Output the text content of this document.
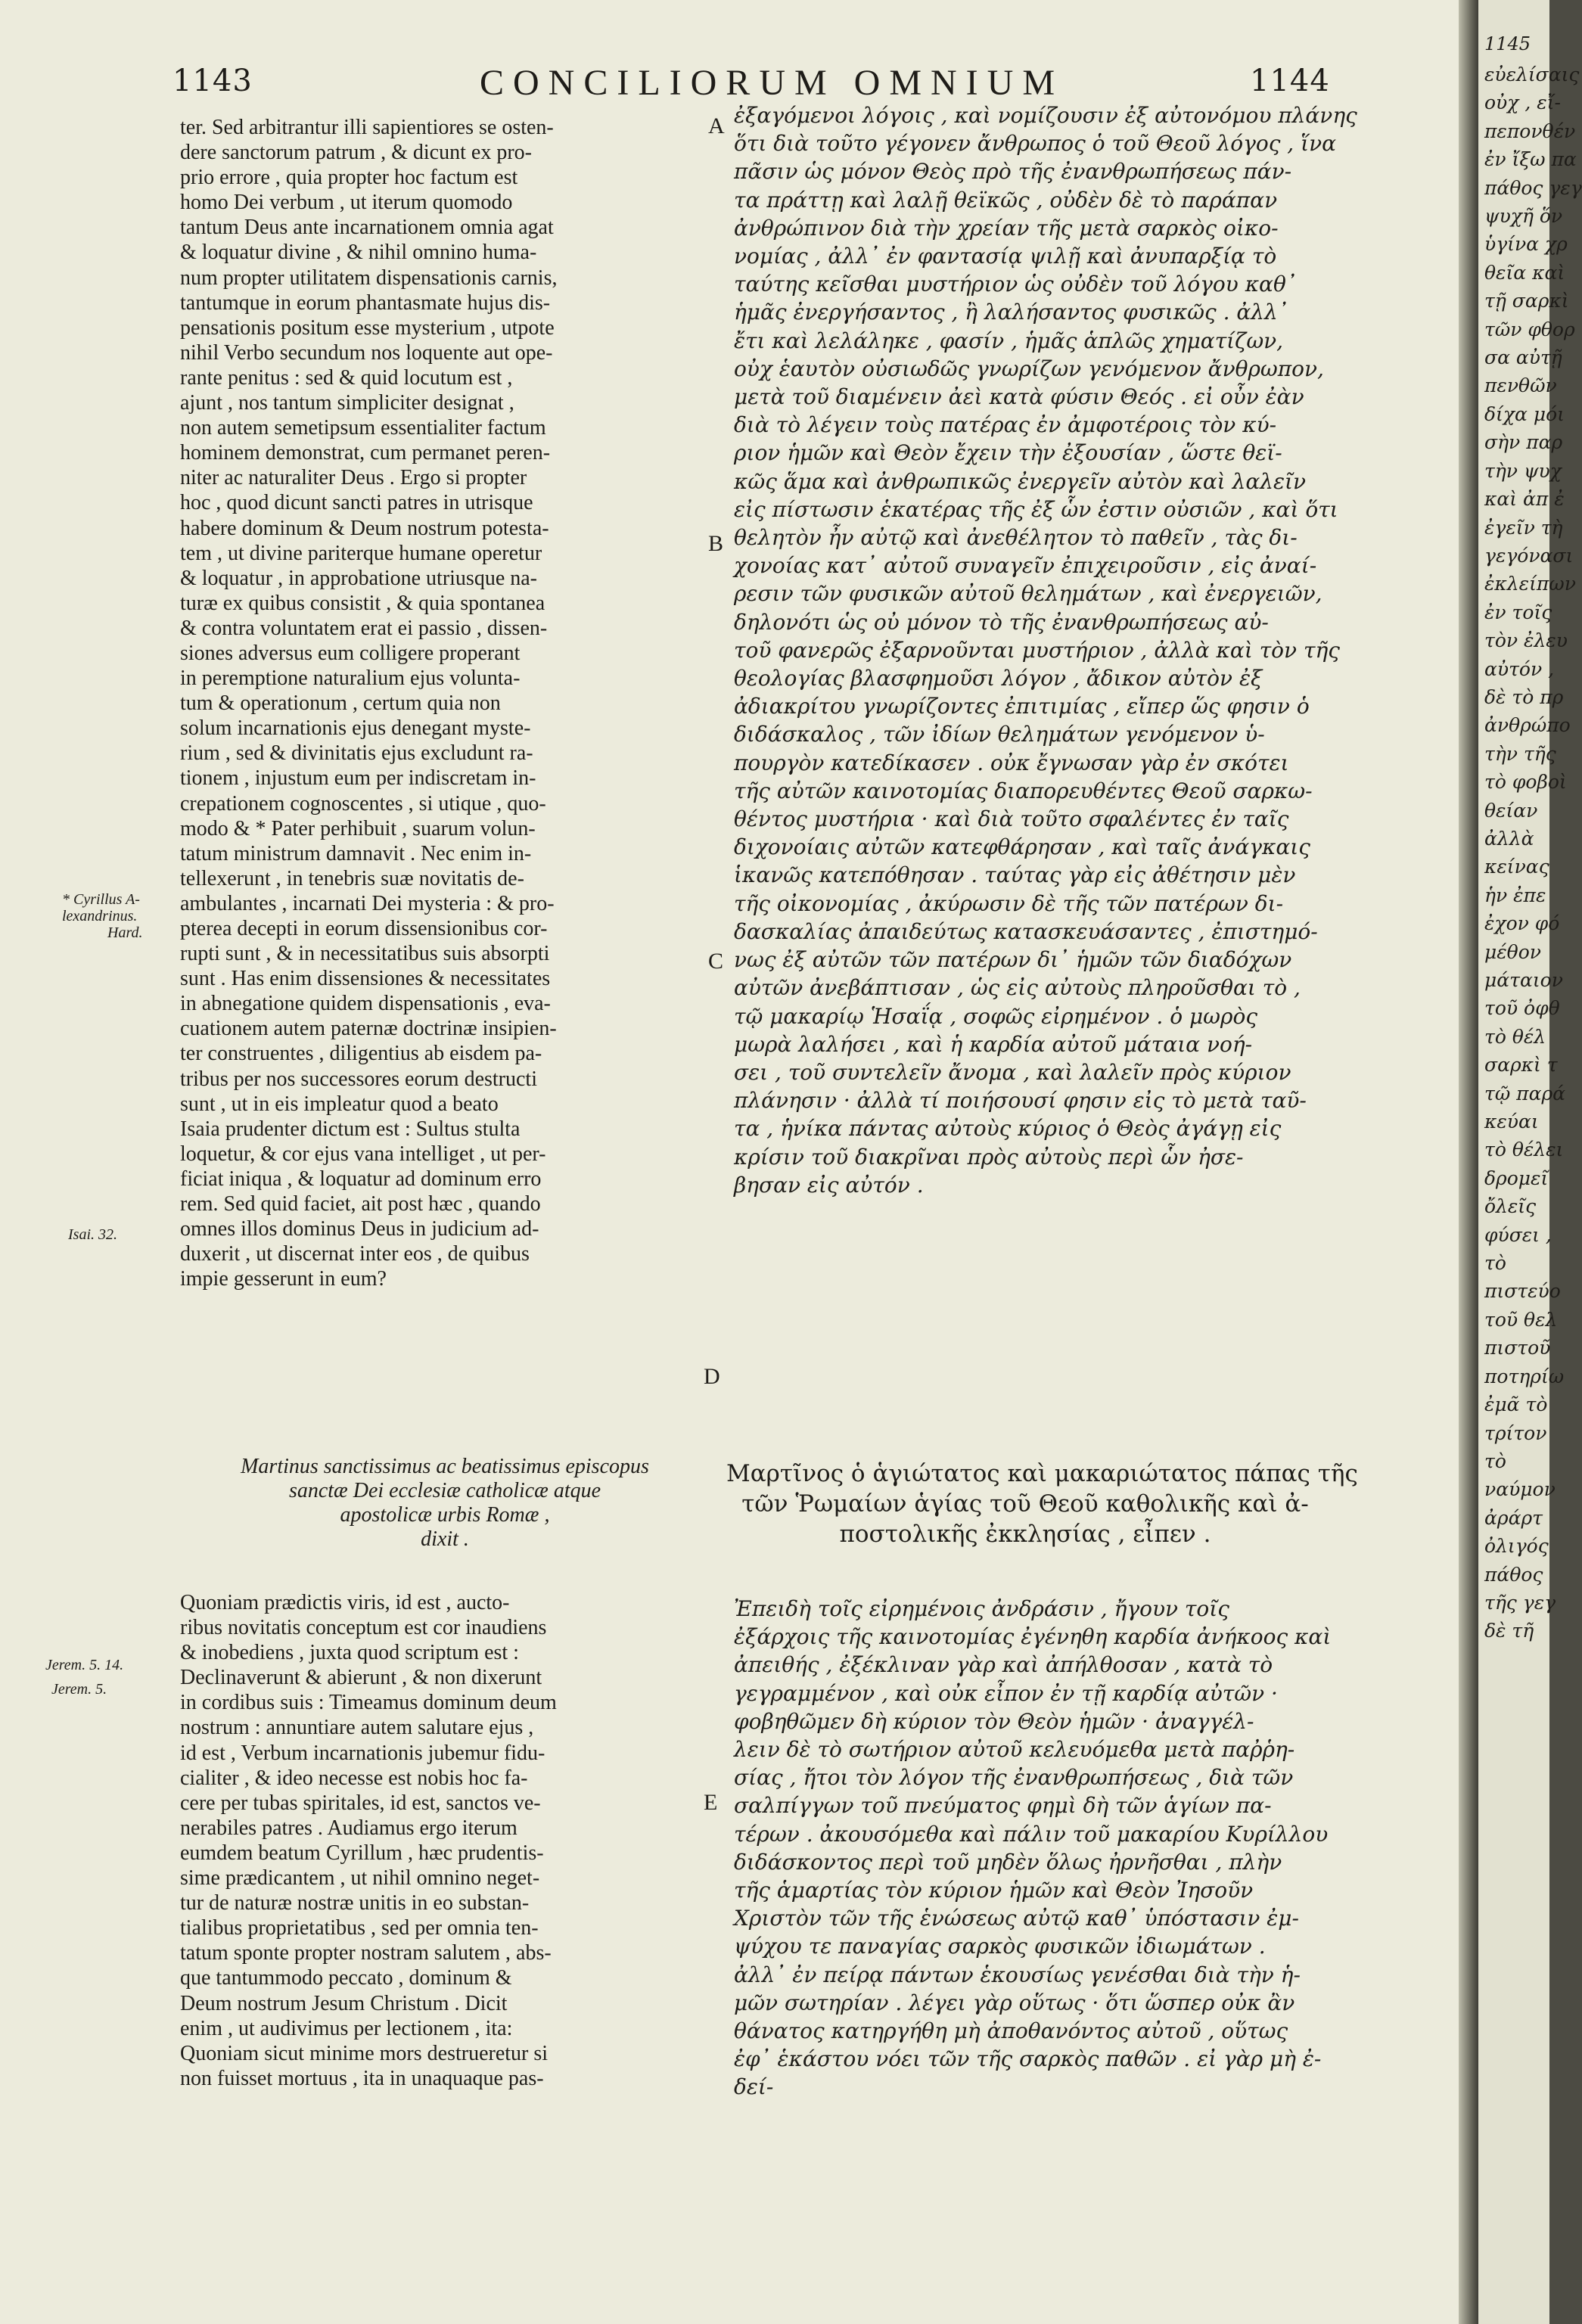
1143	CONCILIORUM OMNIUM	1144
ter. Sed arbitrantur illi sapientiores se osten-
dere sanctorum patrum , & dicunt ex pro-
prio errore , quia propter hoc factum est
homo Dei verbum , ut iterum quomodo
tantum Deus ante incarnationem omnia agat
& loquatur divine , & nihil omnino huma-
num propter utilitatem dispensationis carnis,
tantumque in eorum phantasmate hujus dis-
pensationis positum esse mysterium , utpote
nihil Verbo secundum nos loquente aut ope-
rante penitus : sed & quid locutum est ,
ajunt , nos tantum simpliciter designat ,
non autem semetipsum essentialiter factum
hominem demonstrat, cum permanet peren-
niter ac naturaliter Deus . Ergo si propter
hoc , quod dicunt sancti patres in utrisque
habere dominum & Deum nostrum potesta-
tem , ut divine pariterque humane operetur
& loquatur , in approbatione utriusque na-
turæ ex quibus consistit , & quia spontanea
& contra voluntatem erat ei passio , dissen-
siones adversus eum colligere properant
in peremptione naturalium ejus volunta-
tum & operationum , certum quia non
solum incarnationis ejus denegant myste-
rium , sed & divinitatis ejus excludunt ra-
tionem , injustum eum per indiscretam in-
crepationem cognoscentes , si utique , quo-
modo & * Pater perhibuit , suarum volun-
tatum ministrum damnavit . Nec enim in-
tellexerunt , in tenebris suæ novitatis de-
ambulantes , incarnati Dei mysteria : & pro-
pterea decepti in eorum dissensionibus cor-
rupti sunt , & in necessitatibus suis absorpti
sunt . Has enim dissensiones & necessitates
in abnegatione quidem dispensationis , eva-
cuationem autem paternæ doctrinæ insipien-
ter construentes , diligentius ab eisdem pa-
tribus per nos successores eorum destructi
sunt , ut in eis impleatur quod a beato
Isaia prudenter dictum est : Sultus stulta
loquetur, & cor ejus vana intelliget , ut per-
ficiat iniqua , & loquatur ad dominum erro
rem. Sed quid faciet, ait post hæc , quando
omnes illos dominus Deus in judicium ad-
duxerit , ut discernat inter eos , de quibus
impie gesserunt in eum?
ἐξαγόμενοι λόγοις , καὶ νομίζουσιν ἐξ αὐτονόμου πλάνης
ὅτι διὰ τοῦτο γέγονεν ἄνθρωπος ὁ τοῦ Θεοῦ λόγος , ἵνα
πᾶσιν ὡς μόνον Θεὸς πρὸ τῆς ἐνανθρωπήσεως πάν-
τα πράττῃ καὶ λαλῇ θεϊκῶς , οὐδὲν δὲ τὸ παράπαν
ἀνθρώπινον διὰ τὴν χρείαν τῆς μετὰ σαρκὸς οἰκο-
νομίας , ἀλλ᾽ ἐν φαντασίᾳ ψιλῇ καὶ ἀνυπαρξίᾳ τὸ
ταύτης κεῖσθαι μυστήριον ὡς οὐδὲν τοῦ λόγου καθ᾽
ἡμᾶς ἐνεργήσαντος , ἢ λαλήσαντος φυσικῶς . ἀλλ᾽
ἔτι καὶ λελάληκε , φασίν , ἡμᾶς ἁπλῶς χηματίζων,
οὐχ ἑαυτὸν οὐσιωδῶς γνωρίζων γενόμενον ἄνθρωπον,
μετὰ τοῦ διαμένειν ἀεὶ κατὰ φύσιν Θεός . εἰ οὖν ἐὰν
διὰ τὸ λέγειν τοὺς πατέρας ἐν ἀμφοτέροις τὸν κύ-
ριον ἡμῶν καὶ Θεὸν ἔχειν τὴν ἐξουσίαν , ὥστε θεϊ-
κῶς ἅμα καὶ ἀνθρωπικῶς ἐνεργεῖν αὐτὸν καὶ λαλεῖν
εἰς πίστωσιν ἑκατέρας τῆς ἐξ ὧν ἐστιν οὐσιῶν , καὶ ὅτι
θελητὸν ἦν αὐτῷ καὶ ἀνεθέλητον τὸ παθεῖν , τὰς δι-
χονοίας κατ᾽ αὐτοῦ συναγεῖν ἐπιχειροῦσιν , εἰς ἀναί-
ρεσιν τῶν φυσικῶν αὐτοῦ θελημάτων , καὶ ἐνεργειῶν,
δηλονότι ὡς οὐ μόνον τὸ τῆς ἐνανθρωπήσεως αὐ-
τοῦ φανερῶς ἐξαρνοῦνται μυστήριον , ἀλλὰ καὶ τὸν τῆς
θεολογίας βλασφημοῦσι λόγον , ἄδικον αὐτὸν ἐξ
ἀδιακρίτου γνωρίζοντες ἐπιτιμίας , εἴπερ ὥς φησιν ὁ
διδάσκαλος , τῶν ἰδίων θελημάτων γενόμενον ὑ-
πουργὸν κατεδίκασεν . οὐκ ἔγνωσαν γὰρ ἐν σκότει
τῆς αὐτῶν καινοτομίας διαπορευθέντες Θεοῦ σαρκω-
θέντος μυστήρια · καὶ διὰ τοῦτο σφαλέντες ἐν ταῖς
διχονοίαις αὐτῶν κατεφθάρησαν , καὶ ταῖς ἀνάγκαις
ἱκανῶς κατεπόθησαν . ταύτας γὰρ εἰς ἀθέτησιν μὲν
τῆς οἰκονομίας , ἀκύρωσιν δὲ τῆς τῶν πατέρων δι-
δασκαλίας ἀπαιδεύτως κατασκευάσαντες , ἐπιστημό-
νως ἐξ αὐτῶν τῶν πατέρων δι᾽ ἡμῶν τῶν διαδόχων
αὐτῶν ἀνεβάπτισαν , ὡς εἰς αὐτοὺς πληροῦσθαι τὸ ,
τῷ μακαρίῳ Ἡσαΐᾳ , σοφῶς εἰρημένον . ὁ μωρὸς
μωρὰ λαλήσει , καὶ ἡ καρδία αὐτοῦ μάταια νοή-
σει , τοῦ συντελεῖν ἄνομα , καὶ λαλεῖν πρὸς κύριον
πλάνησιν · ἀλλὰ τί ποιήσουσί φησιν εἰς τὸ μετὰ ταῦ-
τα , ἡνίκα πάντας αὐτοὺς κύριος ὁ Θεὸς ἀγάγῃ εἰς
κρίσιν τοῦ διακρῖναι πρὸς αὐτοὺς περὶ ὧν ἠσε-
βησαν εἰς αὐτόν .
Martinus sanctissimus ac beatissimus episcopus
sanctæ Dei ecclesiæ catholicæ atque
apostolicæ urbis Romæ ,
dixit .
Μαρτῖνος ὁ ἁγιώτατος καὶ μακαριώτατος πάπας τῆς
τῶν Ῥωμαίων ἁγίας τοῦ Θεοῦ καθολικῆς καὶ ἀ-
ποστολικῆς ἐκκλησίας , εἶπεν .
Quoniam prædictis viris, id est , aucto-
ribus novitatis conceptum est cor inaudiens
& inobediens , juxta quod scriptum est :
Declinaverunt & abierunt , & non dixerunt
in cordibus suis : Timeamus dominum deum
nostrum : annuntiare autem salutare ejus ,
id est , Verbum incarnationis jubemur fidu-
cialiter , & ideo necesse est nobis hoc fa-
cere per tubas spiritales, id est, sanctos ve-
nerabiles patres . Audiamus ergo iterum
eumdem beatum Cyrillum , hæc prudentis-
sime prædicantem , ut nihil omnino neget-
tur de naturæ nostræ unitis in eo substan-
tialibus proprietatibus , sed per omnia ten-
tatum sponte propter nostram salutem , abs-
que tantummodo peccato , dominum &
Deum nostrum Jesum Christum . Dicit
enim , ut audivimus per lectionem , ita:
Quoniam sicut minime mors destrueretur si
non fuisset mortuus , ita in unaquaque pas-
Ἐπειδὴ τοῖς εἰρημένοις ἀνδράσιν , ἤγουν τοῖς
ἐξάρχοις τῆς καινοτομίας ἐγένηθη καρδία ἀνήκοος καὶ
ἀπειθής , ἐξέκλιναν γὰρ καὶ ἀπήλθοσαν , κατὰ τὸ
γεγραμμένον , καὶ οὐκ εἶπον ἐν τῇ καρδίᾳ αὐτῶν ·
φοβηθῶμεν δὴ κύριον τὸν Θεὸν ἡμῶν · ἀναγγέλ-
λειν δὲ τὸ σωτήριον αὐτοῦ κελευόμεθα μετὰ παῤῥη-
σίας , ἤτοι τὸν λόγον τῆς ἐνανθρωπήσεως , διὰ τῶν
σαλπίγγων τοῦ πνεύματος φημὶ δὴ τῶν ἁγίων πα-
τέρων . ἀκουσόμεθα καὶ πάλιν τοῦ μακαρίου Κυρίλλου
διδάσκοντος περὶ τοῦ μηδὲν ὅλως ἠρνῆσθαι , πλὴν
τῆς ἁμαρτίας τὸν κύριον ἡμῶν καὶ Θεὸν Ἰησοῦν
Χριστὸν τῶν τῆς ἑνώσεως αὐτῷ καθ᾽ ὑπόστασιν ἐμ-
ψύχου τε παναγίας σαρκὸς φυσικῶν ἰδιωμάτων .
ἀλλ᾽ ἐν πείρᾳ πάντων ἑκουσίως γενέσθαι διὰ τὴν ἡ-
μῶν σωτηρίαν . λέγει γὰρ οὕτως · ὅτι ὥσπερ οὐκ ἂν
θάνατος κατηργήθη μὴ ἀποθανόντος αὐτοῦ , οὕτως
ἐφ᾽ ἑκάστου νόει τῶν τῆς σαρκὸς παθῶν . εἰ γὰρ μὴ ἐ-
δεί-
* Cyrillus A-
lexandrinus.
Hard.
Isai. 32.
Jerem. 5. 14.
Jerem. 5.
A
B
C
D
E
1145
εὐελίσαις
οὐχ , εἴ-
πεπονθέν
ἐν ἴξω πα
πάθος γεγ
ψυχῆ ὅν
ὑγίνα χρ
θεῖα καὶ
τῇ σαρκὶ
τῶν φθορ
σα αὐτῇ
πενθῶν
δίχα μόι
σὴν παρ
τὴν ψυχ
καὶ ἀπ ἐ
ἐγεῖν τὴ
γεγόνασι
ἐκλείπων
ἐν τοῖς
τὸν ἐλευ
αὐτόν ,
δὲ τὸ πρ
ἀνθρώπο
τὴν τῆς
τὸ φοβοὶ
θείαν
ἀλλὰ
κείνας
ἡν ἐπε
ἐχον φό
μέθον
μάταιον
τοῦ ὀφθ
τὸ θέλ
σαρκὶ τ
τῷ παρά
κεύαι
τὸ θέλει
δρομεῖ
ὄλεῖς
φύσει ,
τὸ
πιστεύο
τοῦ θελ
πιστοῦ
ποτηρίω
ἐμᾶ τὸ
τρίτον
τὸ
ναύμον
ἀράρτ
ὀλιγός
πάθος
τῆς γεγ
δὲ τῆ
